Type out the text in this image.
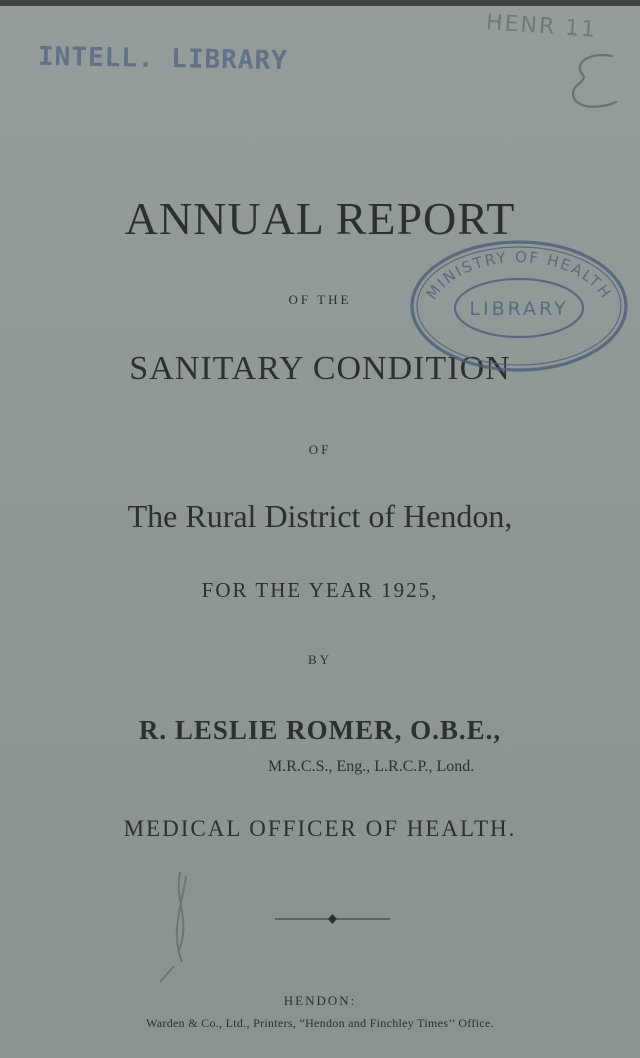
INTELL. LIBRARY
HENR 11
ANNUAL REPORT
OF THE
SANITARY CONDITION
OF
The Rural District of Hendon,
FOR THE YEAR 1925,
BY
R. LESLIE ROMER, O.B.E.,
M.R.C.S., Eng., L.R.C.P., Lond.
MEDICAL OFFICER OF HEALTH.
HENDON:
Warden & Co., Ltd., Printers, “Hendon and Finchley Times’’ Office.
MINISTRY OF HEALTH
LIBRARY
